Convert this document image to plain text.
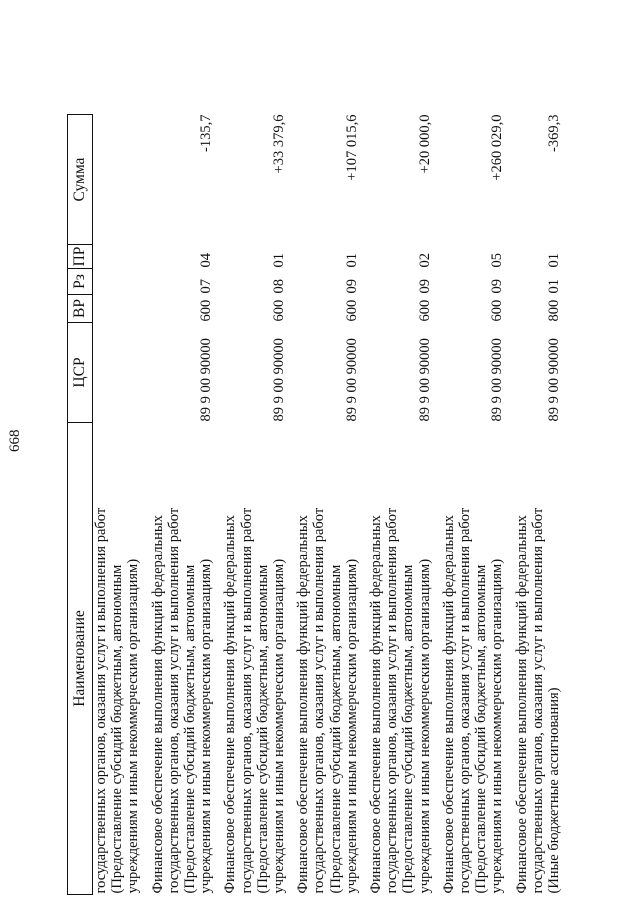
668
Наименование	ЦСР	ВР	Рз	ПР	Сумма

государственных органов, оказания услуг и выполнения работ (Предоставление субсидий бюджетным, автономным учреждениям и иным некоммерческим организациям)					

Финансовое обеспечение выполнения функций федеральных государственных органов, оказания услуг и выполнения работ (Предоставление субсидий бюджетным, автономным учреждениям и иным некоммерческим организациям)	89 9 00 90000	600	07	04	-135,7

Финансовое обеспечение выполнения функций федеральных государственных органов, оказания услуг и выполнения работ (Предоставление субсидий бюджетным, автономным учреждениям и иным некоммерческим организациям)	89 9 00 90000	600	08	01	+33 379,6

Финансовое обеспечение выполнения функций федеральных государственных органов, оказания услуг и выполнения работ (Предоставление субсидий бюджетным, автономным учреждениям и иным некоммерческим организациям)	89 9 00 90000	600	09	01	+107 015,6

Финансовое обеспечение выполнения функций федеральных государственных органов, оказания услуг и выполнения работ (Предоставление субсидий бюджетным, автономным учреждениям и иным некоммерческим организациям)	89 9 00 90000	600	09	02	+20 000,0

Финансовое обеспечение выполнения функций федеральных государственных органов, оказания услуг и выполнения работ (Предоставление субсидий бюджетным, автономным учреждениям и иным некоммерческим организациям)	89 9 00 90000	600	09	05	+260 029,0

Финансовое обеспечение выполнения функций федеральных государственных органов, оказания услуг и выполнения работ (Иные бюджетные ассигнования)	89 9 00 90000	800	01	01	-369,3
